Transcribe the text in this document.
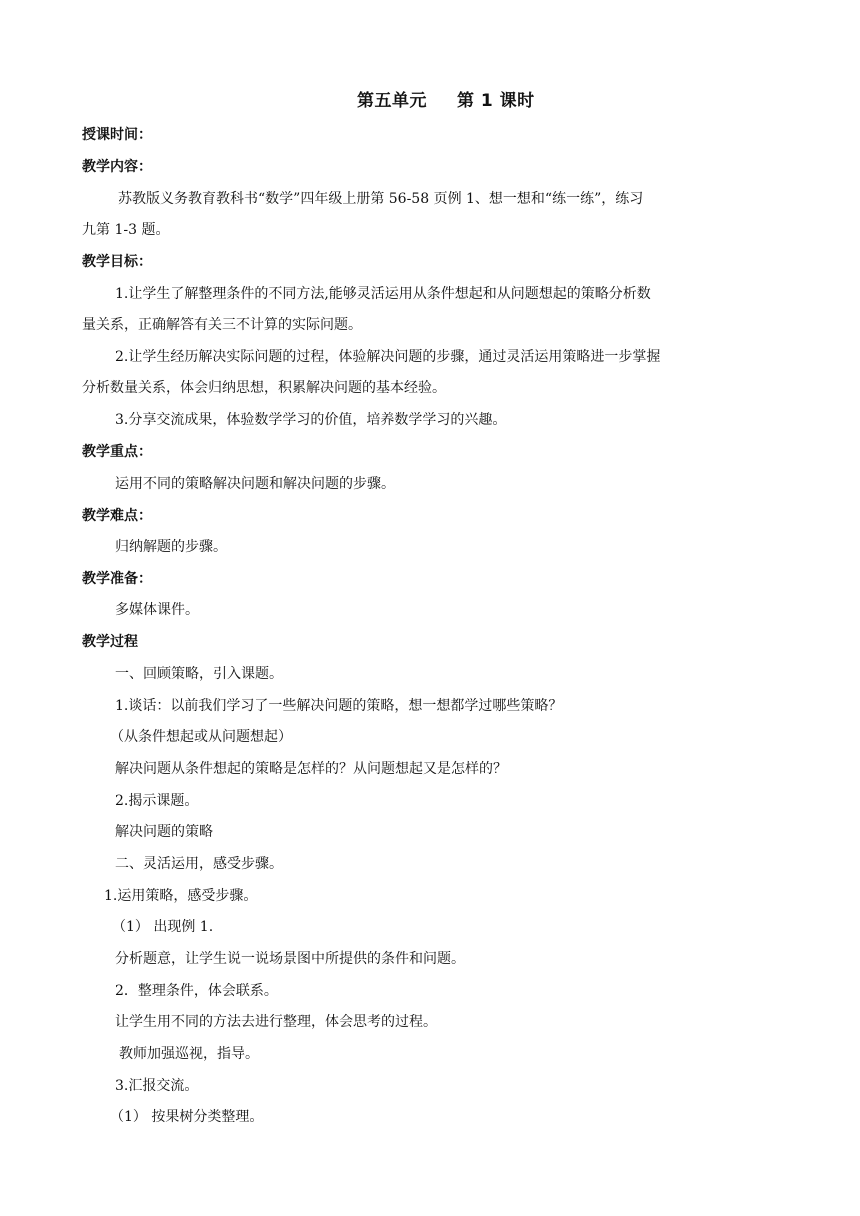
第五单元 第 1 课时
授课时间：
教学内容：
苏教版义务教育教科书“数学”四年级上册第 56-58 页例 1、想一想和“练一练”，练习
九第 1-3 题。
教学目标：
1.让学生了解整理条件的不同方法,能够灵活运用从条件想起和从问题想起的策略分析数
量关系，正确解答有关三不计算的实际问题。
2.让学生经历解决实际问题的过程，体验解决问题的步骤，通过灵活运用策略进一步掌握
分析数量关系，体会归纳思想，积累解决问题的基本经验。
3.分享交流成果，体验数学学习的价值，培养数学学习的兴趣。
教学重点：
运用不同的策略解决问题和解决问题的步骤。
教学难点：
归纳解题的步骤。
教学准备：
多媒体课件。
教学过程
一、回顾策略，引入课题。
1.谈话：以前我们学习了一些解决问题的策略，想一想都学过哪些策略？
（从条件想起或从问题想起）
解决问题从条件想起的策略是怎样的？从问题想起又是怎样的？
2.揭示课题。
解决问题的策略
二、灵活运用，感受步骤。
1.运用策略，感受步骤。
（1） 出现例 1.
分析题意，让学生说一说场景图中所提供的条件和问题。
2．整理条件，体会联系。
让学生用不同的方法去进行整理，体会思考的过程。
教师加强巡视，指导。
3.汇报交流。
（1） 按果树分类整理。
